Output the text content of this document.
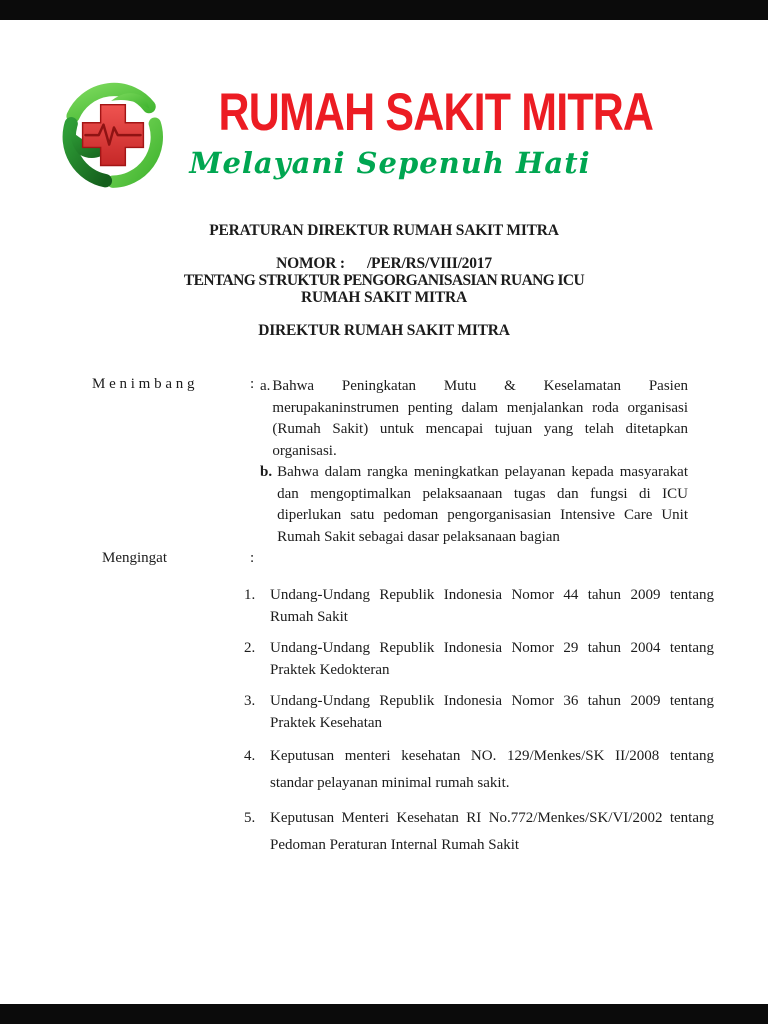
RUMAH SAKIT MITRA
Melayani Sepenuh Hati
PERATURAN DIREKTUR RUMAH SAKIT MITRA
NOMOR :      /PER/RS/VIII/2017
TENTANG STRUKTUR PENGORGANISASIAN RUANG ICU
RUMAH SAKIT MITRA
DIREKTUR RUMAH SAKIT MITRA
M e n i m b a n g	: a. Bahwa Peningkatan Mutu & Keselamatan Pasien merupakaninstrumen penting dalam menjalankan roda organisasi (Rumah Sakit) untuk mencapai tujuan yang telah ditetapkan organisasi.
b. Bahwa dalam rangka meningkatkan pelayanan kepada masyarakat dan mengoptimalkan pelaksaanaan tugas dan fungsi di ICU diperlukan satu pedoman pengorganisasian Intensive Care Unit Rumah Sakit sebagai dasar pelaksanaan bagian
Mengingat	:
1. Undang-Undang Republik Indonesia Nomor 44 tahun 2009 tentang Rumah Sakit
2. Undang-Undang Republik Indonesia Nomor 29 tahun 2004 tentang Praktek Kedokteran
3. Undang-Undang Republik Indonesia Nomor 36 tahun 2009 tentang Praktek Kesehatan
4. Keputusan menteri kesehatan NO. 129/Menkes/SK II/2008 tentang standar pelayanan minimal rumah sakit.
5. Keputusan Menteri Kesehatan RI No.772/Menkes/SK/VI/2002 tentang Pedoman Peraturan Internal Rumah Sakit
